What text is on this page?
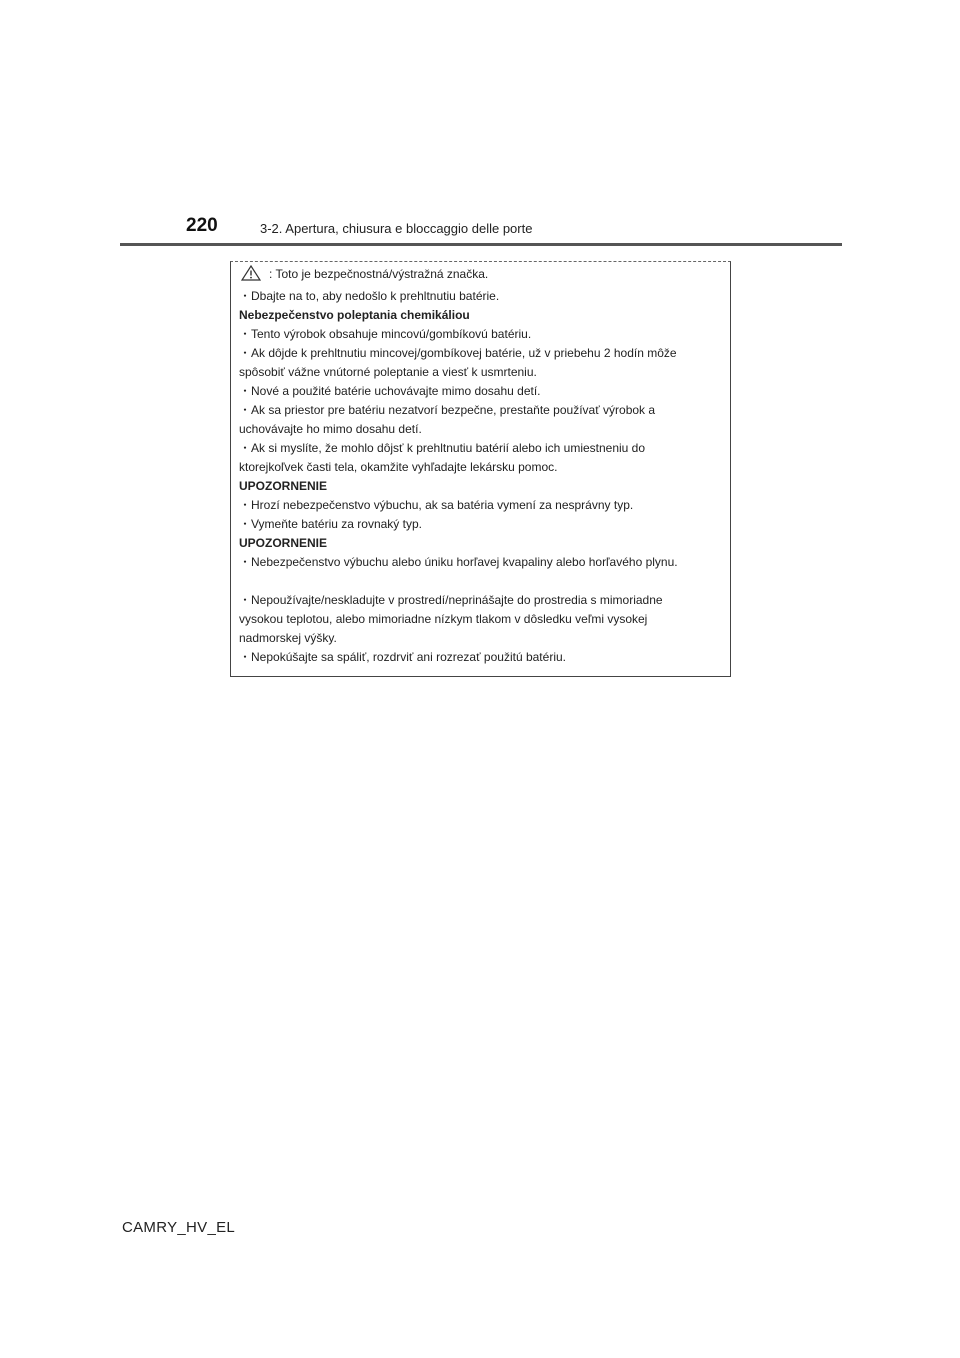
220	3-2. Apertura, chiusura e bloccaggio delle porte
: Toto je bezpečnostná/výstražná značka.
・Dbajte na to, aby nedošlo k prehltnutiu batérie.
Nebezpečenstvo poleptania chemikáliou
・Tento výrobok obsahuje mincovú/gombíkovú batériu.
・Ak dôjde k prehltnutiu mincovej/gombíkovej batérie, už v priebehu 2 hodín môže
spôsobiť vážne vnútorné poleptanie a viesť k usmrteniu.
・Nové a použité batérie uchovávajte mimo dosahu detí.
・Ak sa priestor pre batériu nezatvorí bezpečne, prestaňte používať výrobok a
uchovávajte ho mimo dosahu detí.
・Ak si myslíte, že mohlo dôjsť k prehltnutiu batérií alebo ich umiestneniu do
ktorejkoľvek časti tela, okamžite vyhľadajte lekársku pomoc.
UPOZORNENIE
・Hrozí nebezpečenstvo výbuchu, ak sa batéria vymení za nesprávny typ.
・Vymeňte batériu za rovnaký typ.
UPOZORNENIE
・Nebezpečenstvo výbuchu alebo úniku horľavej kvapaliny alebo horľavého plynu.
・Nepoužívajte/neskladujte v prostredí/neprinášajte do prostredia s mimoriadne
vysokou teplotou, alebo mimoriadne nízkym tlakom v dôsledku veľmi vysokej
nadmorskej výšky.
・Nepokúšajte sa spáliť, rozdrviť ani rozrezať použitú batériu.
CAMRY_HV_EL
